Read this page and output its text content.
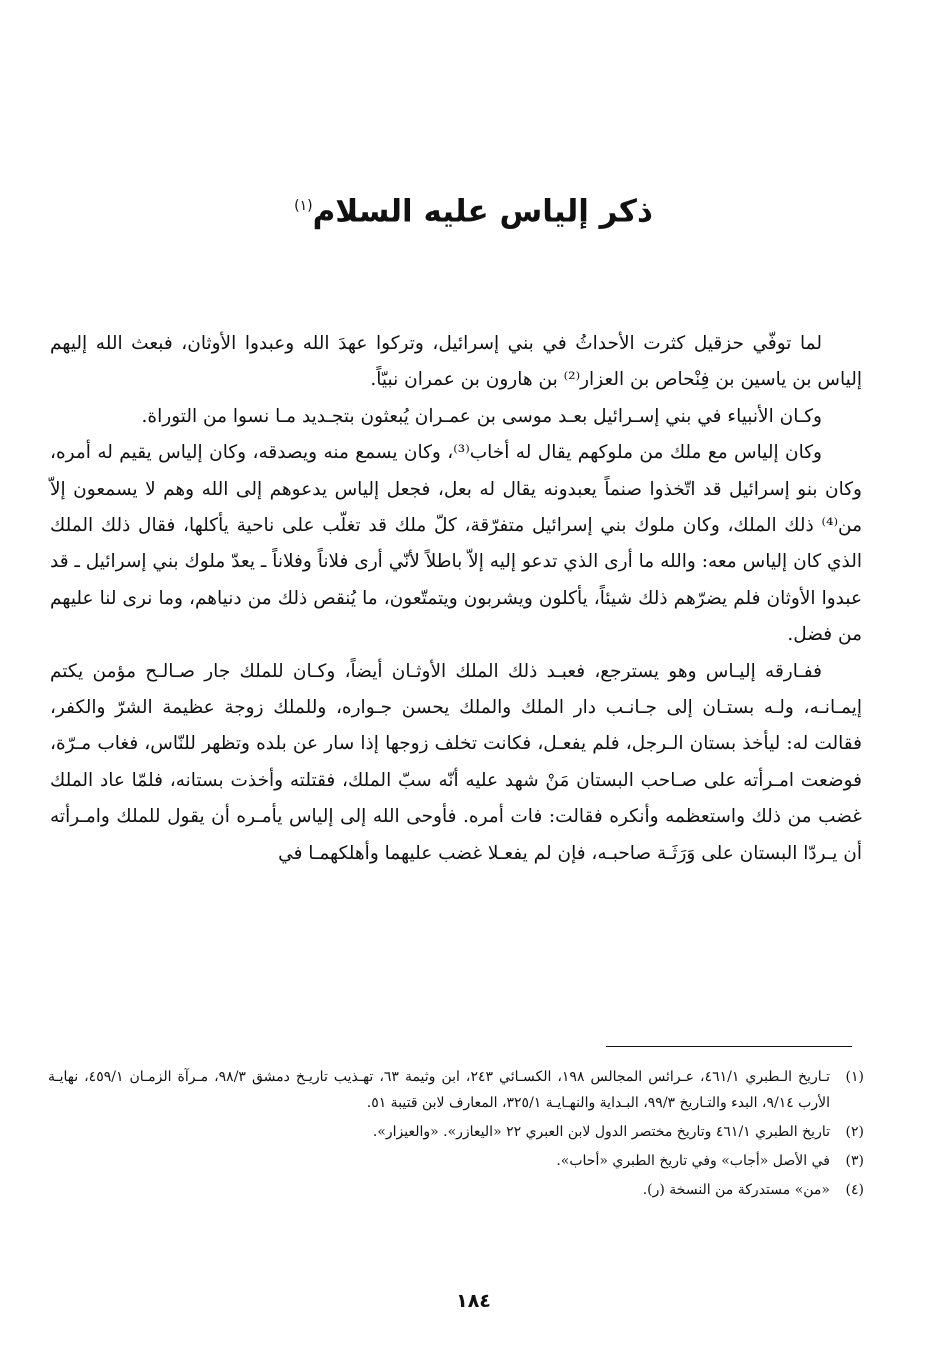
ذكر إلياس عليه السلام$^{(١)}$

لما توفّي حزقيل كثرت الأحداثُ في بني إسرائيل، وتركوا عهدَ الله وعبدوا الأوثان، فبعث الله إليهم إلياس بن ياسين بن فِنْحاص بن العزار⁽²⁾ بن هارون بن عمران نبيّاً.

وكـان الأنبياء في بني إسـرائيل بعـد موسى بن عمـران يُبعثون بتجـديد مـا نسوا من التوراة.

وكان إلياس مع ملك من ملوكهم يقال له أخاب⁽³⁾، وكان يسمع منه ويصدقه، وكان إلياس يقيم له أمره، وكان بنو إسرائيل قد اتّخذوا صنماً يعبدونه يقال له بعل، فجعل إلياس يدعوهم إلى الله وهم لا يسمعون إلاّ من⁽⁴⁾ ذلك الملك، وكان ملوك بني إسرائيل متفرّقة، كلّ ملك قد تغلّب على ناحية يأكلها، فقال ذلك الملك الذي كان إلياس معه: والله ما أرى الذي تدعو إليه إلاّ باطلاً لأنّي أرى فلاناً وفلاناً ـ يعدّ ملوك بني إسرائيل ـ قد عبدوا الأوثان فلم يضرّهم ذلك شيئاً، يأكلون ويشربون ويتمتّعون، ما يُنقص ذلك من دنياهم، وما نرى لنا عليهم من فضل.

ففـارقه إليـاس وهو يسترجع، فعبـد ذلك الملك الأوثـان أيضاً، وكـان للملك جار صـالـح مؤمن يكتم إيمـانـه، ولـه بستـان إلى جـانـب دار الملك والملك يحسن جـواره، وللملك زوجة عظيمة الشرّ والكفر، فقالت له: ليأخذ بستان الـرجل، فلم يفعـل، فكانت تخلف زوجها إذا سار عن بلده وتظهر للنّاس، فغاب مـرّة، فوضعت امـرأته على صـاحب البستان مَنْ شهد عليه أنّه سبّ الملك، فقتلته وأخذت بستانه، فلمّا عاد الملك غضب من ذلك واستعظمه وأنكره فقالت: فات أمره. فأوحى الله إلى إلياس يأمـره أن يقول للملك وامـرأته أن يـردّا البستان على وَرَثَـة صاحبـه، فإن لم يفعـلا غضب عليهما وأهلكهمـا في

(١)
تـاريخ الـطبري ٤٦١/١، عـرائس المجالس ١٩٨، الكسـائي ٢٤٣، ابن وثيمة ٦٣، تهـذيب تاريـخ دمشق ٩٨/٣، مـرآة الزمـان ٤٥٩/١، نهايـة الأرب ٩/١٤، البدء والتـاريخ ٩٩/٣، البـداية والنهـايـة ٣٢٥/١، المعارف لابن قتيبة ٥١.

(٢)
تاريخ الطبري ٤٦١/١ وتاريخ مختصر الدول لابن العبري ٢٢ «اليعازر». «والعيزار».

(٣)
في الأصل «أجاب» وفي تاريخ الطبري «أحاب».

(٤)
«من» مستدركة من النسخة (ر).

١٨٤
